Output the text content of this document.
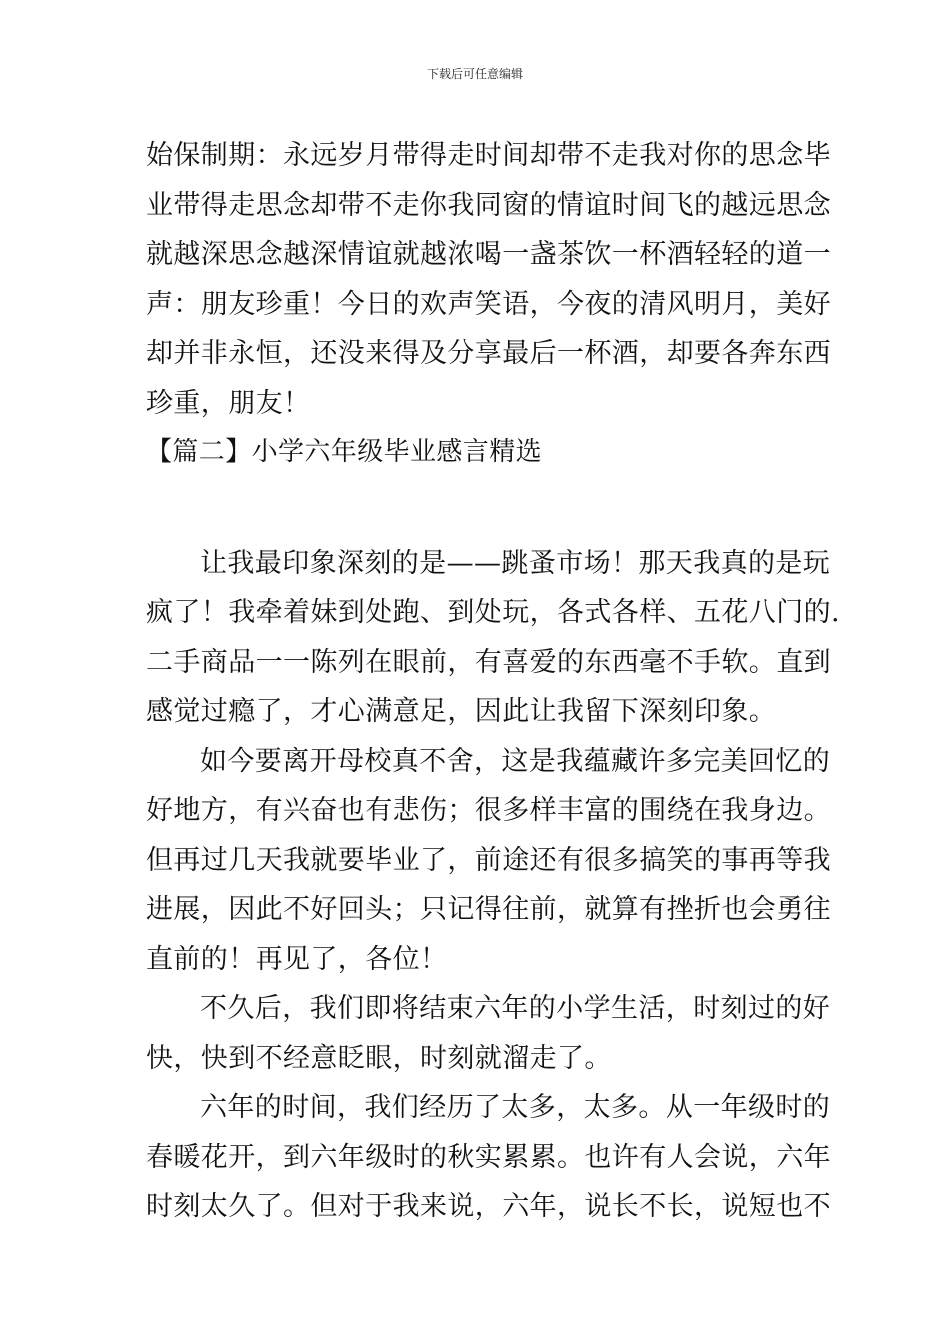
下载后可任意编辑
始保制期：永远岁月带得走时间却带不走我对你的思念毕
业带得走思念却带不走你我同窗的情谊时间飞的越远思念
就越深思念越深情谊就越浓喝一盏茶饮一杯酒轻轻的道一
声：朋友珍重！今日的欢声笑语，今夜的清风明月，美好
却并非永恒，还没来得及分享最后一杯酒，却要各奔东西
珍重，朋友！
【篇二】小学六年级毕业感言精选
让我最印象深刻的是——跳蚤市场！那天我真的是玩
疯了！我牵着妹到处跑、到处玩，各式各样、五花八门的.
二手商品一一陈列在眼前，有喜爱的东西毫不手软。直到
感觉过瘾了，才心满意足，因此让我留下深刻印象。
如今要离开母校真不舍，这是我蕴藏许多完美回忆的
好地方，有兴奋也有悲伤；很多样丰富的围绕在我身边。
但再过几天我就要毕业了，前途还有很多搞笑的事再等我
进展，因此不好回头；只记得往前，就算有挫折也会勇往
直前的！再见了，各位！
不久后，我们即将结束六年的小学生活，时刻过的好
快，快到不经意眨眼，时刻就溜走了。
六年的时间，我们经历了太多，太多。从一年级时的
春暖花开，到六年级时的秋实累累。也许有人会说，六年
时刻太久了。但对于我来说，六年，说长不长，说短也不
